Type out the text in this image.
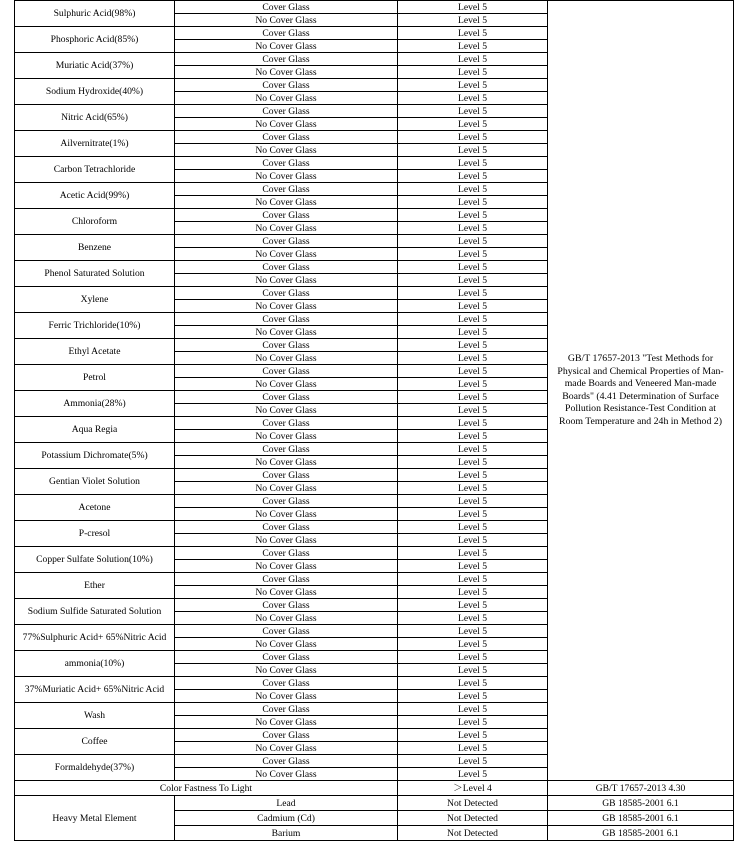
Sulphuric Acid(98%)	Cover Glass	Level 5	GB/T 17657-2013 "Test Methods for Physical and Chemical Properties of Man-made Boards and Veneered Man-made Boards" (4.41 Determination of Surface Pollution Resistance-Test Condition at Room Temperature and 24h in Method 2)
	No Cover Glass	Level 5	
Phosphoric Acid(85%)	Cover Glass	Level 5	
	No Cover Glass	Level 5	
Muriatic Acid(37%)	Cover Glass	Level 5	
	No Cover Glass	Level 5	
Sodium Hydroxide(40%)	Cover Glass	Level 5	
	No Cover Glass	Level 5	
Nitric Acid(65%)	Cover Glass	Level 5	
	No Cover Glass	Level 5	
Ailvernitrate(1%)	Cover Glass	Level 5	
	No Cover Glass	Level 5	
Carbon Tetrachloride	Cover Glass	Level 5	
	No Cover Glass	Level 5	
Acetic Acid(99%)	Cover Glass	Level 5	
	No Cover Glass	Level 5	
Chloroform	Cover Glass	Level 5	
	No Cover Glass	Level 5	
Benzene	Cover Glass	Level 5	
	No Cover Glass	Level 5	
Phenol Saturated Solution	Cover Glass	Level 5	
	No Cover Glass	Level 5	
Xylene	Cover Glass	Level 5	
	No Cover Glass	Level 5	
Ferric Trichloride(10%)	Cover Glass	Level 5	
	No Cover Glass	Level 5	
Ethyl Acetate	Cover Glass	Level 5	
	No Cover Glass	Level 5	
Petrol	Cover Glass	Level 5	
	No Cover Glass	Level 5	
Ammonia(28%)	Cover Glass	Level 5	
	No Cover Glass	Level 5	
Aqua Regia	Cover Glass	Level 5	
	No Cover Glass	Level 5	
Potassium Dichromate(5%)	Cover Glass	Level 5	
	No Cover Glass	Level 5	
Gentian Violet Solution	Cover Glass	Level 5	
	No Cover Glass	Level 5	
Acetone	Cover Glass	Level 5	
	No Cover Glass	Level 5	
P-cresol	Cover Glass	Level 5	
	No Cover Glass	Level 5	
Copper Sulfate Solution(10%)	Cover Glass	Level 5	
	No Cover Glass	Level 5	
Ether	Cover Glass	Level 5	
	No Cover Glass	Level 5	
Sodium Sulfide Saturated Solution	Cover Glass	Level 5	
	No Cover Glass	Level 5	
77%Sulphuric Acid+ 65%Nitric Acid	Cover Glass	Level 5	
	No Cover Glass	Level 5	
ammonia(10%)	Cover Glass	Level 5	
	No Cover Glass	Level 5	
37%Muriatic Acid+ 65%Nitric Acid	Cover Glass	Level 5	
	No Cover Glass	Level 5	
Wash	Cover Glass	Level 5	
	No Cover Glass	Level 5	
Coffee	Cover Glass	Level 5	
	No Cover Glass	Level 5	
Formaldehyde(37%)	Cover Glass	Level 5	
	No Cover Glass	Level 5	
Color Fastness To Light		＞Level 4	GB/T 17657-2013 4.30
Heavy Metal Element	Lead	Not Detected	GB 18585-2001 6.1
	Cadmium (Cd)	Not Detected	GB 18585-2001 6.1
	Barium	Not Detected	GB 18585-2001 6.1
